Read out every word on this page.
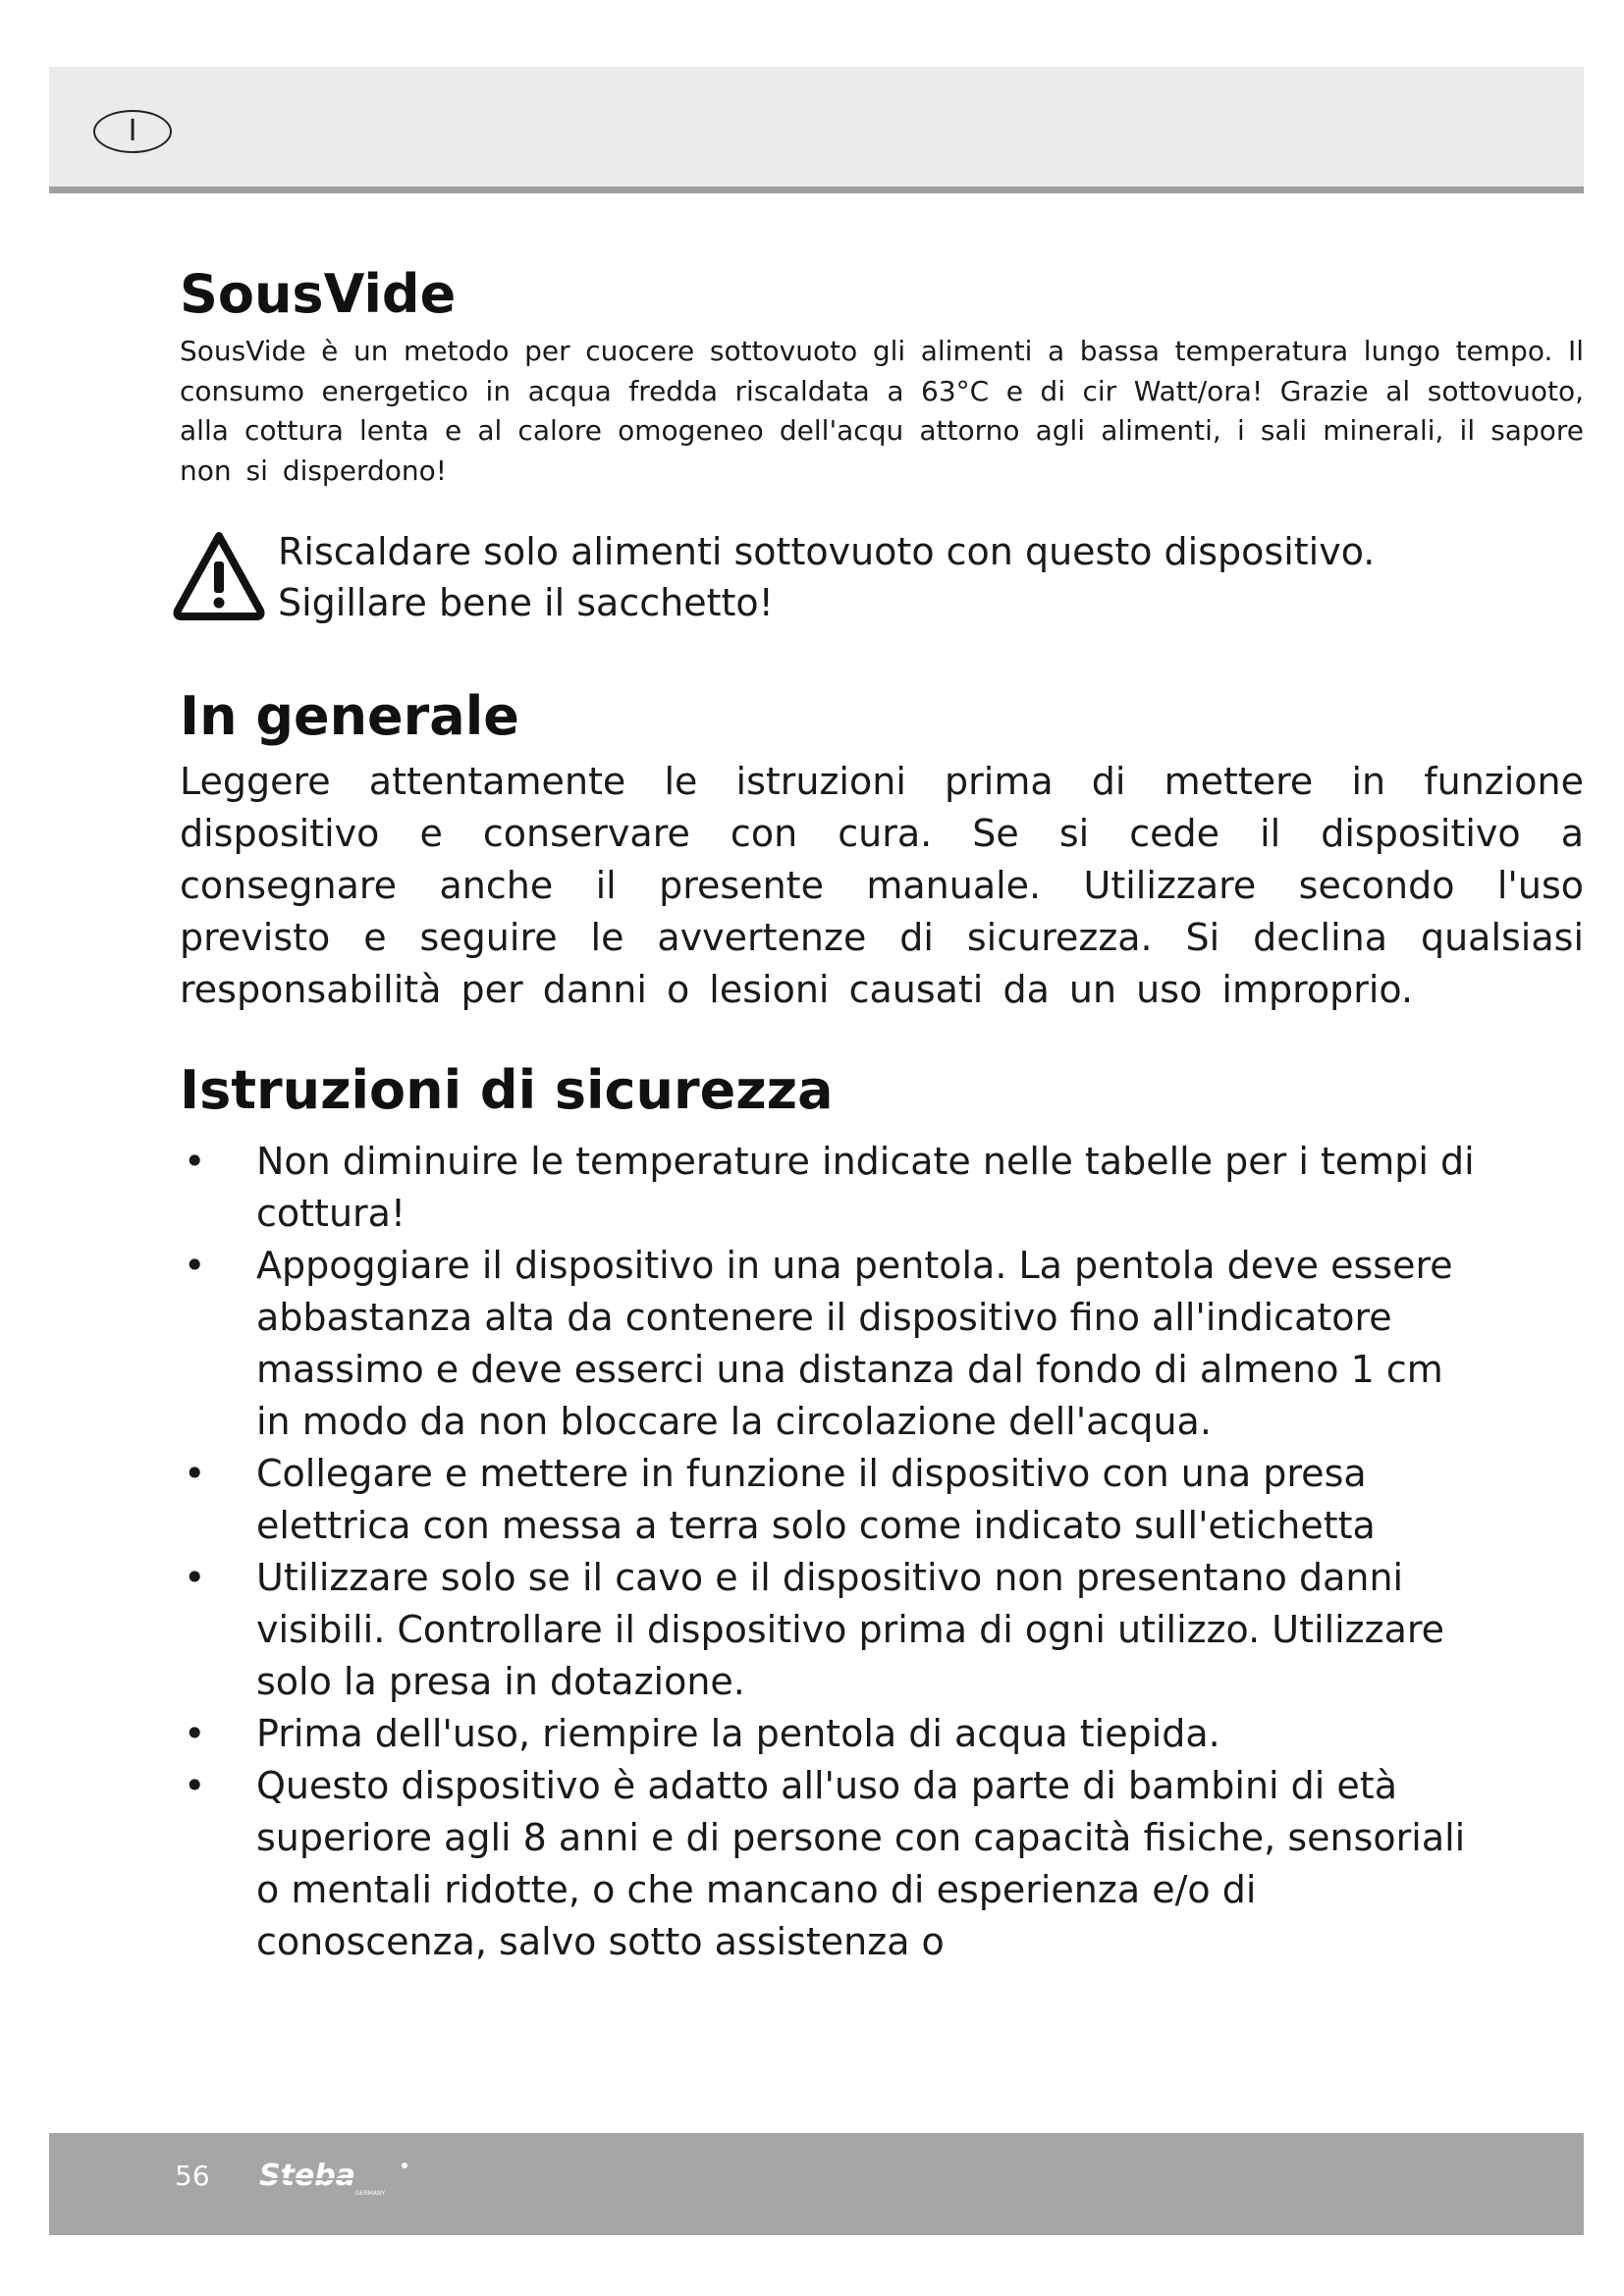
I
SousVide

SousVide è un metodo per cuocere sottovuoto gli alimenti a bassa temperatura lungo tempo. Il consumo energetico in acqua fredda riscaldata a 63°C e di cir Watt/ora! Grazie al sottovuoto, alla cottura lenta e al calore omogeneo dell'acqu attorno agli alimenti, i sali minerali, il sapore non si disperdono!

Riscaldare solo alimenti sottovuoto con questo dispositivo.
Sigillare bene il sacchetto!
In generale

Leggere attentamente le istruzioni prima di mettere in funzione dispositivo e conservare con cura. Se si cede il dispositivo a consegnare anche il presente manuale. Utilizzare secondo l'uso previsto e seguire le avvertenze di sicurezza. Si declina qualsiasi responsabilità per danni o lesioni causati da un uso improprio.

Istruzioni di sicurezza
• Non diminuire le temperature indicate nelle tabelle per i tempi di cottura!
• Appoggiare il dispositivo in una pentola. La pentola deve essere abbastanza alta da contenere il dispositivo fino all'indicatore massimo e deve esserci una distanza dal fondo di almeno 1 cm in modo da non bloccare la circolazione dell'acqua.
• Collegare e mettere in funzione il dispositivo con una presa elettrica con messa a terra solo come indicato sull'etichetta
• Utilizzare solo se il cavo e il dispositivo non presentano danni visibili. Controllare il dispositivo prima di ogni utilizzo. Utilizzare solo la presa in dotazione.
• Prima dell'uso, riempire la pentola di acqua tiepida.
• Questo dispositivo è adatto all'uso da parte di bambini di età superiore agli 8 anni e di persone con capacità fisiche, sensoriali o mentali ridotte, o che mancano di esperienza e/o di conoscenza, salvo sotto assistenza o
56 Steba
GERMANY
